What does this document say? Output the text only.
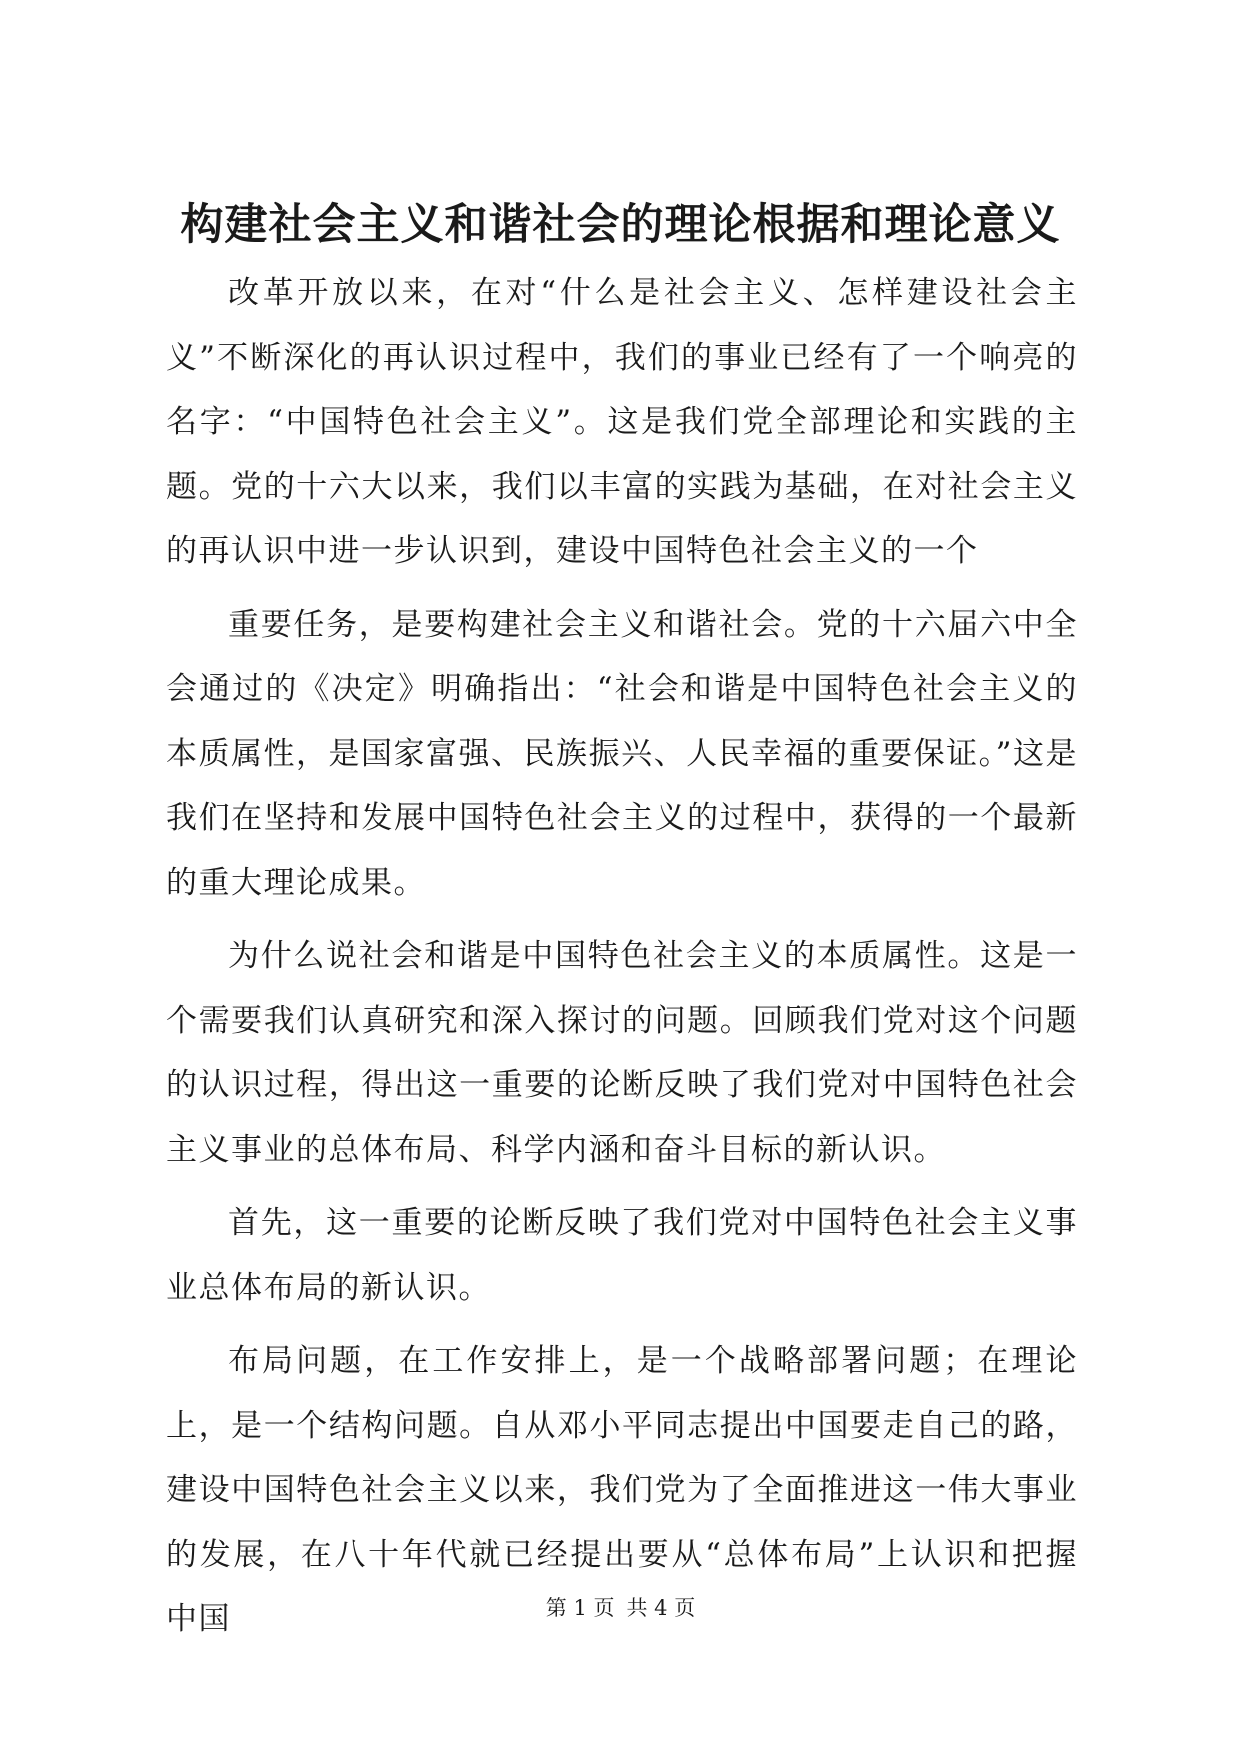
构建社会主义和谐社会的理论根据和理论意义

改革开放以来，在对“什么是社会主义、怎样建设社会主义”不断深化的再认识过程中，我们的事业已经有了一个响亮的名字：“中国特色社会主义”。这是我们党全部理论和实践的主题。党的十六大以来，我们以丰富的实践为基础，在对社会主义的再认识中进一步认识到，建设中国特色社会主义的一个

重要任务，是要构建社会主义和谐社会。党的十六届六中全会通过的《决定》明确指出：“社会和谐是中国特色社会主义的本质属性，是国家富强、民族振兴、人民幸福的重要保证。”这是我们在坚持和发展中国特色社会主义的过程中，获得的一个最新的重大理论成果。

为什么说社会和谐是中国特色社会主义的本质属性。这是一个需要我们认真研究和深入探讨的问题。回顾我们党对这个问题的认识过程，得出这一重要的论断反映了我们党对中国特色社会主义事业的总体布局、科学内涵和奋斗目标的新认识。

首先，这一重要的论断反映了我们党对中国特色社会主义事业总体布局的新认识。

布局问题，在工作安排上，是一个战略部署问题；在理论上，是一个结构问题。自从邓小平同志提出中国要走自己的路，建设中国特色社会主义以来，我们党为了全面推进这一伟大事业的发展，在八十年代就已经提出要从“总体布局”上认识和把握中国	第 1 页 共 4 页
